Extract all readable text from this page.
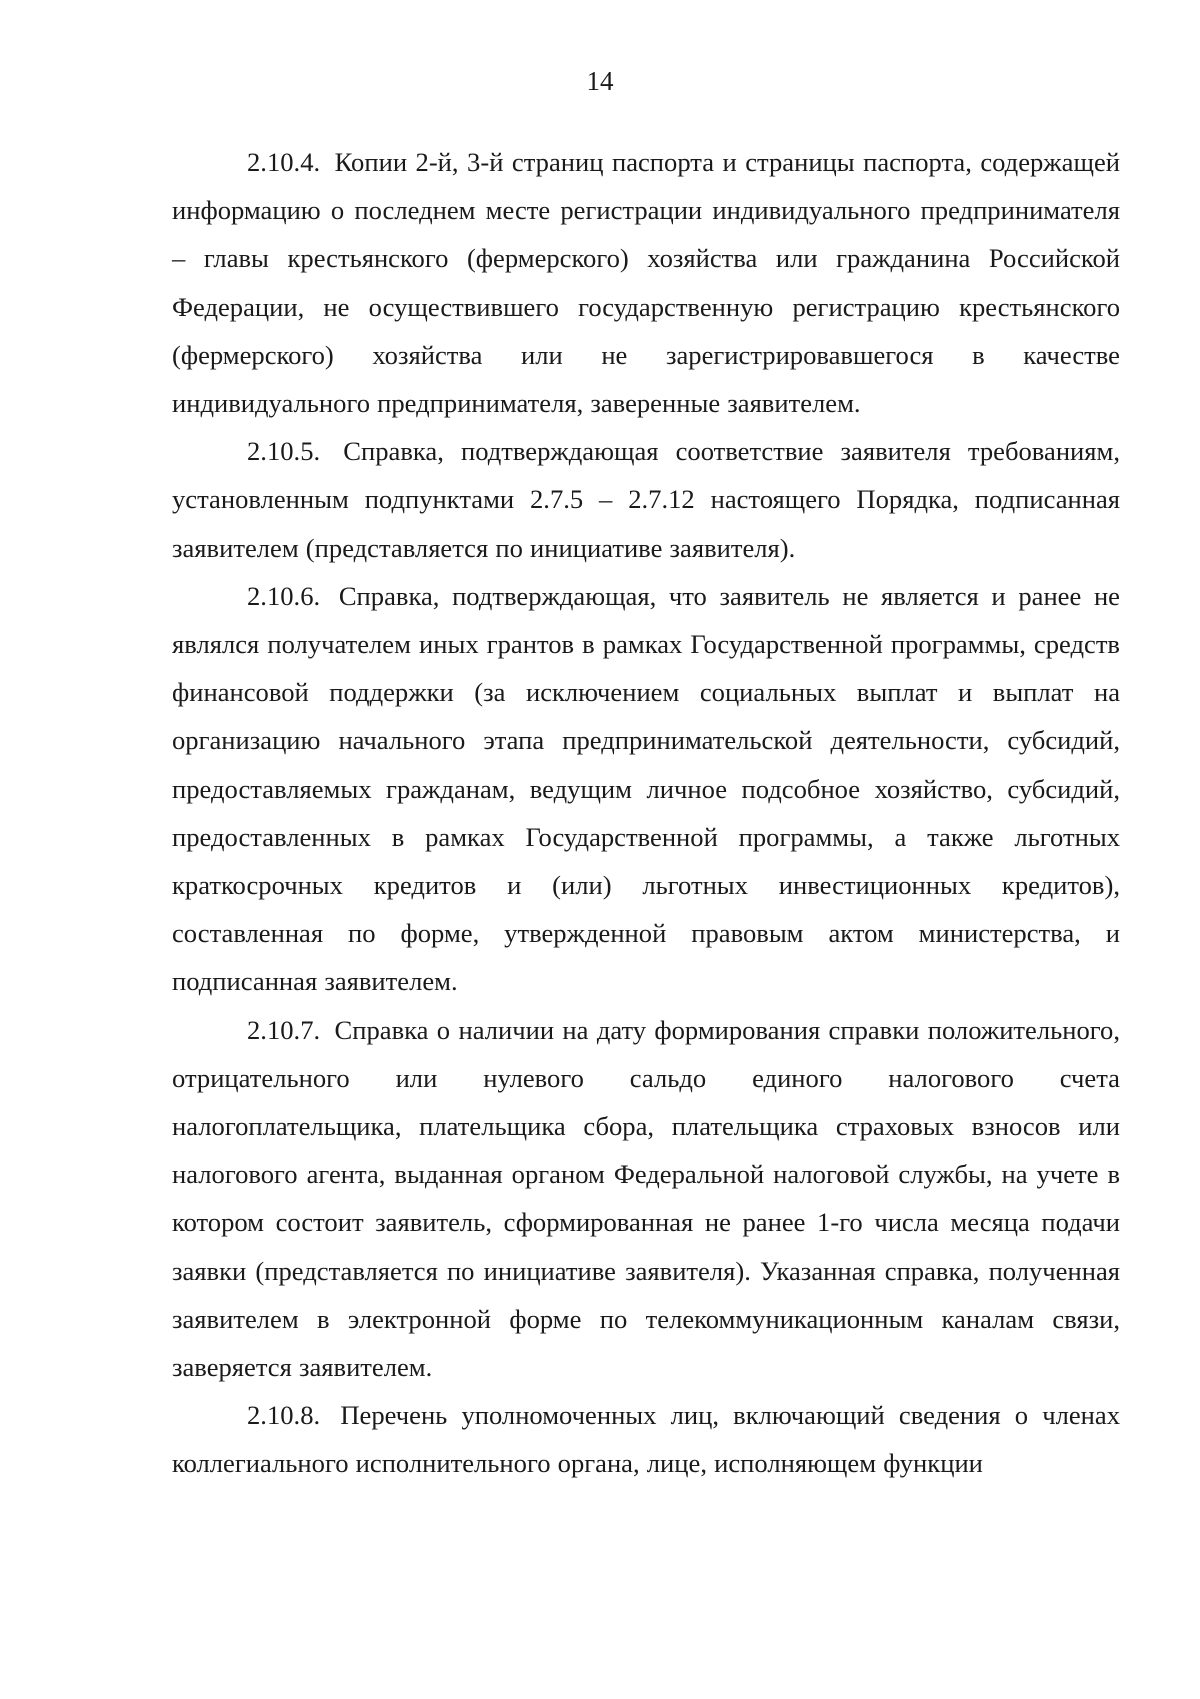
14

2.10.4. Копии 2-й, 3-й страниц паспорта и страницы паспорта, содержащей информацию о последнем месте регистрации индивидуального предпринимателя – главы крестьянского (фермерского) хозяйства или гражданина Российской Федерации, не осуществившего государственную регистрацию крестьянского (фермерского) хозяйства или не зарегистрировавшегося в качестве индивидуального предпринимателя, заверенные заявителем.

2.10.5. Справка, подтверждающая соответствие заявителя требованиям, установленным подпунктами 2.7.5 – 2.7.12 настоящего Порядка, подписанная заявителем (представляется по инициативе заявителя).

2.10.6. Справка, подтверждающая, что заявитель не является и ранее не являлся получателем иных грантов в рамках Государственной программы, средств финансовой поддержки (за исключением социальных выплат и выплат на организацию начального этапа предпринимательской деятельности, субсидий, предоставляемых гражданам, ведущим личное подсобное хозяйство, субсидий, предоставленных в рамках Государственной программы, а также льготных краткосрочных кредитов и (или) льготных инвестиционных кредитов), составленная по форме, утвержденной правовым актом министерства, и подписанная заявителем.

2.10.7. Справка о наличии на дату формирования справки положительного, отрицательного или нулевого сальдо единого налогового счета налогоплательщика, плательщика сбора, плательщика страховых взносов или налогового агента, выданная органом Федеральной налоговой службы, на учете в котором состоит заявитель, сформированная не ранее 1-го числа месяца подачи заявки (представляется по инициативе заявителя). Указанная справка, полученная заявителем в электронной форме по телекоммуникационным каналам связи, заверяется заявителем.

2.10.8. Перечень уполномоченных лиц, включающий сведения о членах коллегиального исполнительного органа, лице, исполняющем функции
